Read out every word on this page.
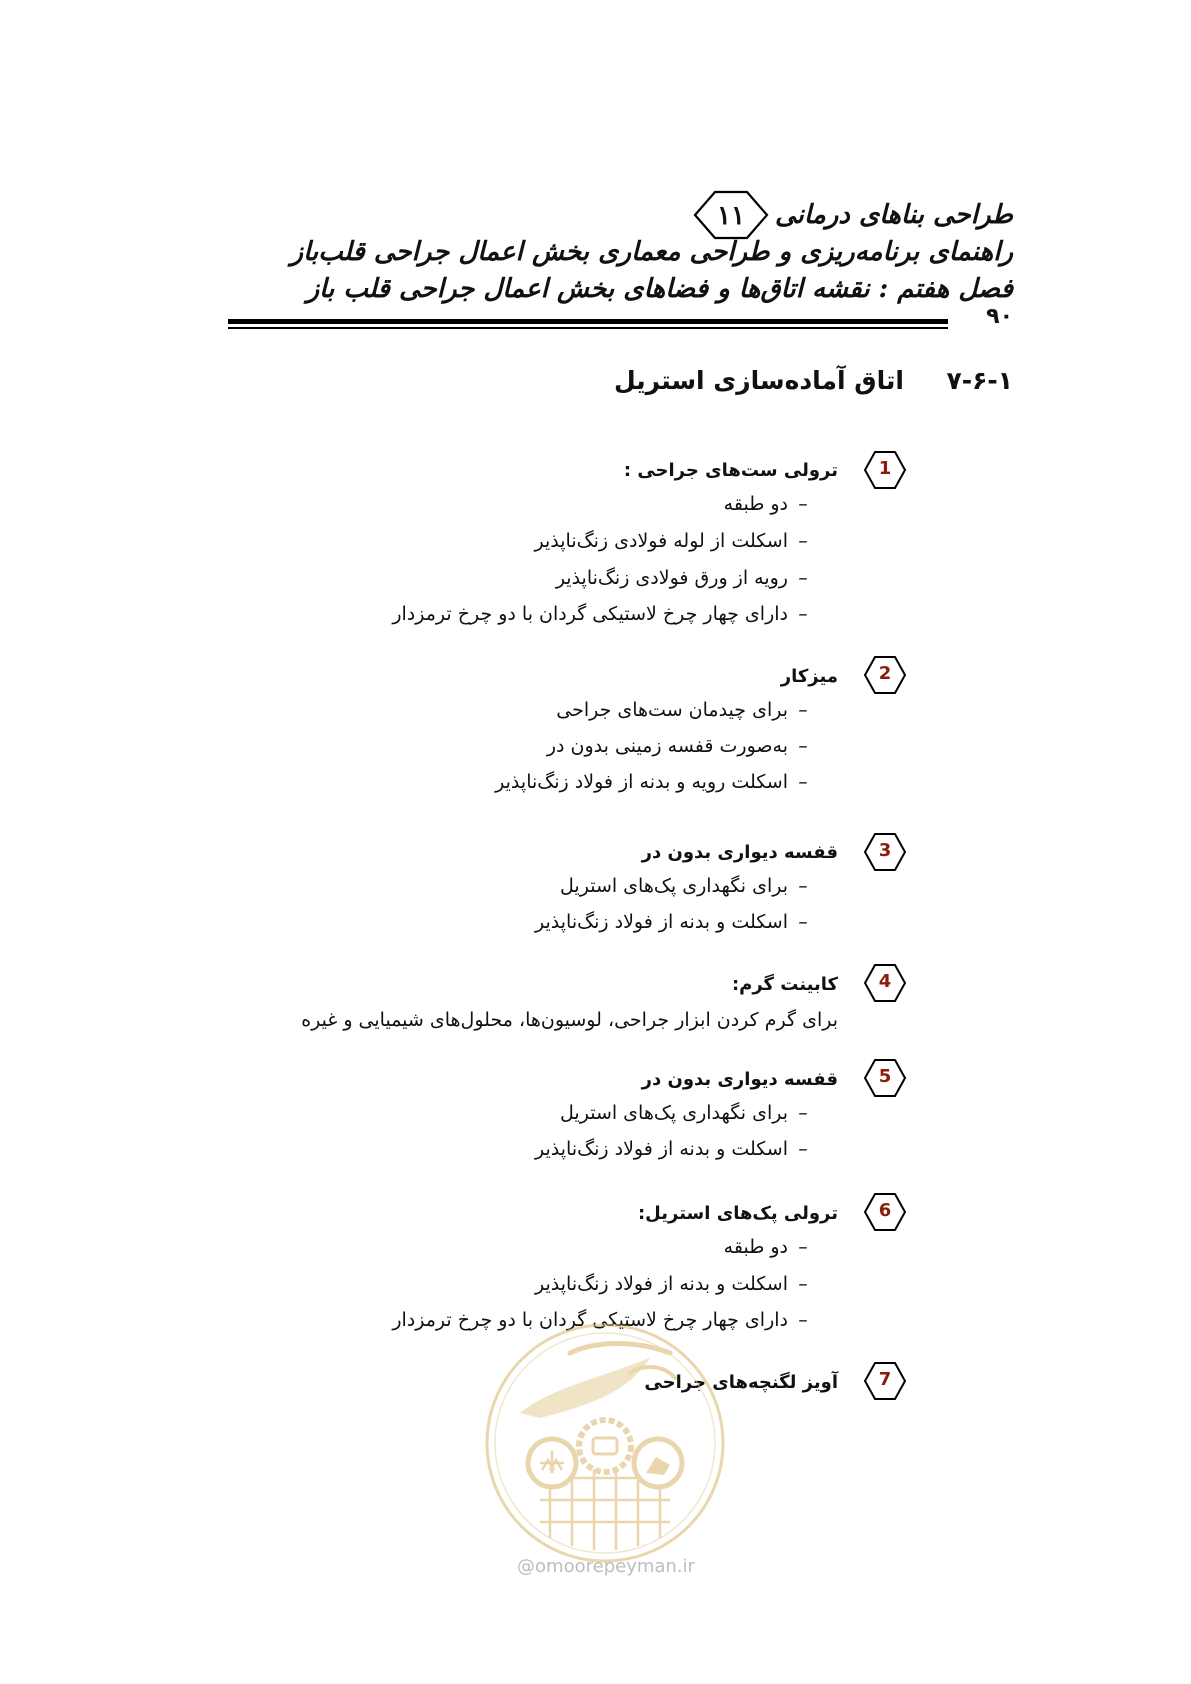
طراحی بناهای درمانی
۱۱
راهنمای برنامه‌ریزی و طراحی معماری بخش اعمال جراحی قلب‌باز
فصل هفتم : نقشه اتاق‌ها و فضاهای بخش اعمال جراحی قلب باز
۹۰
۷-۶-۱
اتاق آماده‌سازی استریل
1
ترولی ست‌های جراحی :
–
دو طبقه
–
اسکلت از لوله فولادی زنگ‌ناپذیر
–
رویه از ورق فولادی زنگ‌ناپذیر
–
دارای چهار چرخ لاستیکی گردان با دو چرخ ترمزدار
2
میزکار
–
برای چیدمان ست‌های جراحی
–
به‌صورت قفسه زمینی بدون در
–
اسکلت رویه و بدنه از فولاد زنگ‌ناپذیر
3
قفسه دیواری بدون در
–
برای نگهداری پک‌های استریل
–
اسکلت و بدنه از فولاد زنگ‌ناپذیر
4
کابینت گرم:
برای گرم کردن ابزار جراحی، لوسیون‌ها، محلول‌های شیمیایی و غیره
5
قفسه دیواری بدون در
–
برای نگهداری پک‌های استریل
–
اسکلت و بدنه از فولاد زنگ‌ناپذیر
6
ترولی پک‌های استریل:
–
دو طبقه
–
اسکلت و بدنه از فولاد زنگ‌ناپذیر
–
دارای چهار چرخ لاستیکی گردان با دو چرخ ترمزدار
7
آویز لگنچه‌های جراحی
@omoorepeyman.ir
